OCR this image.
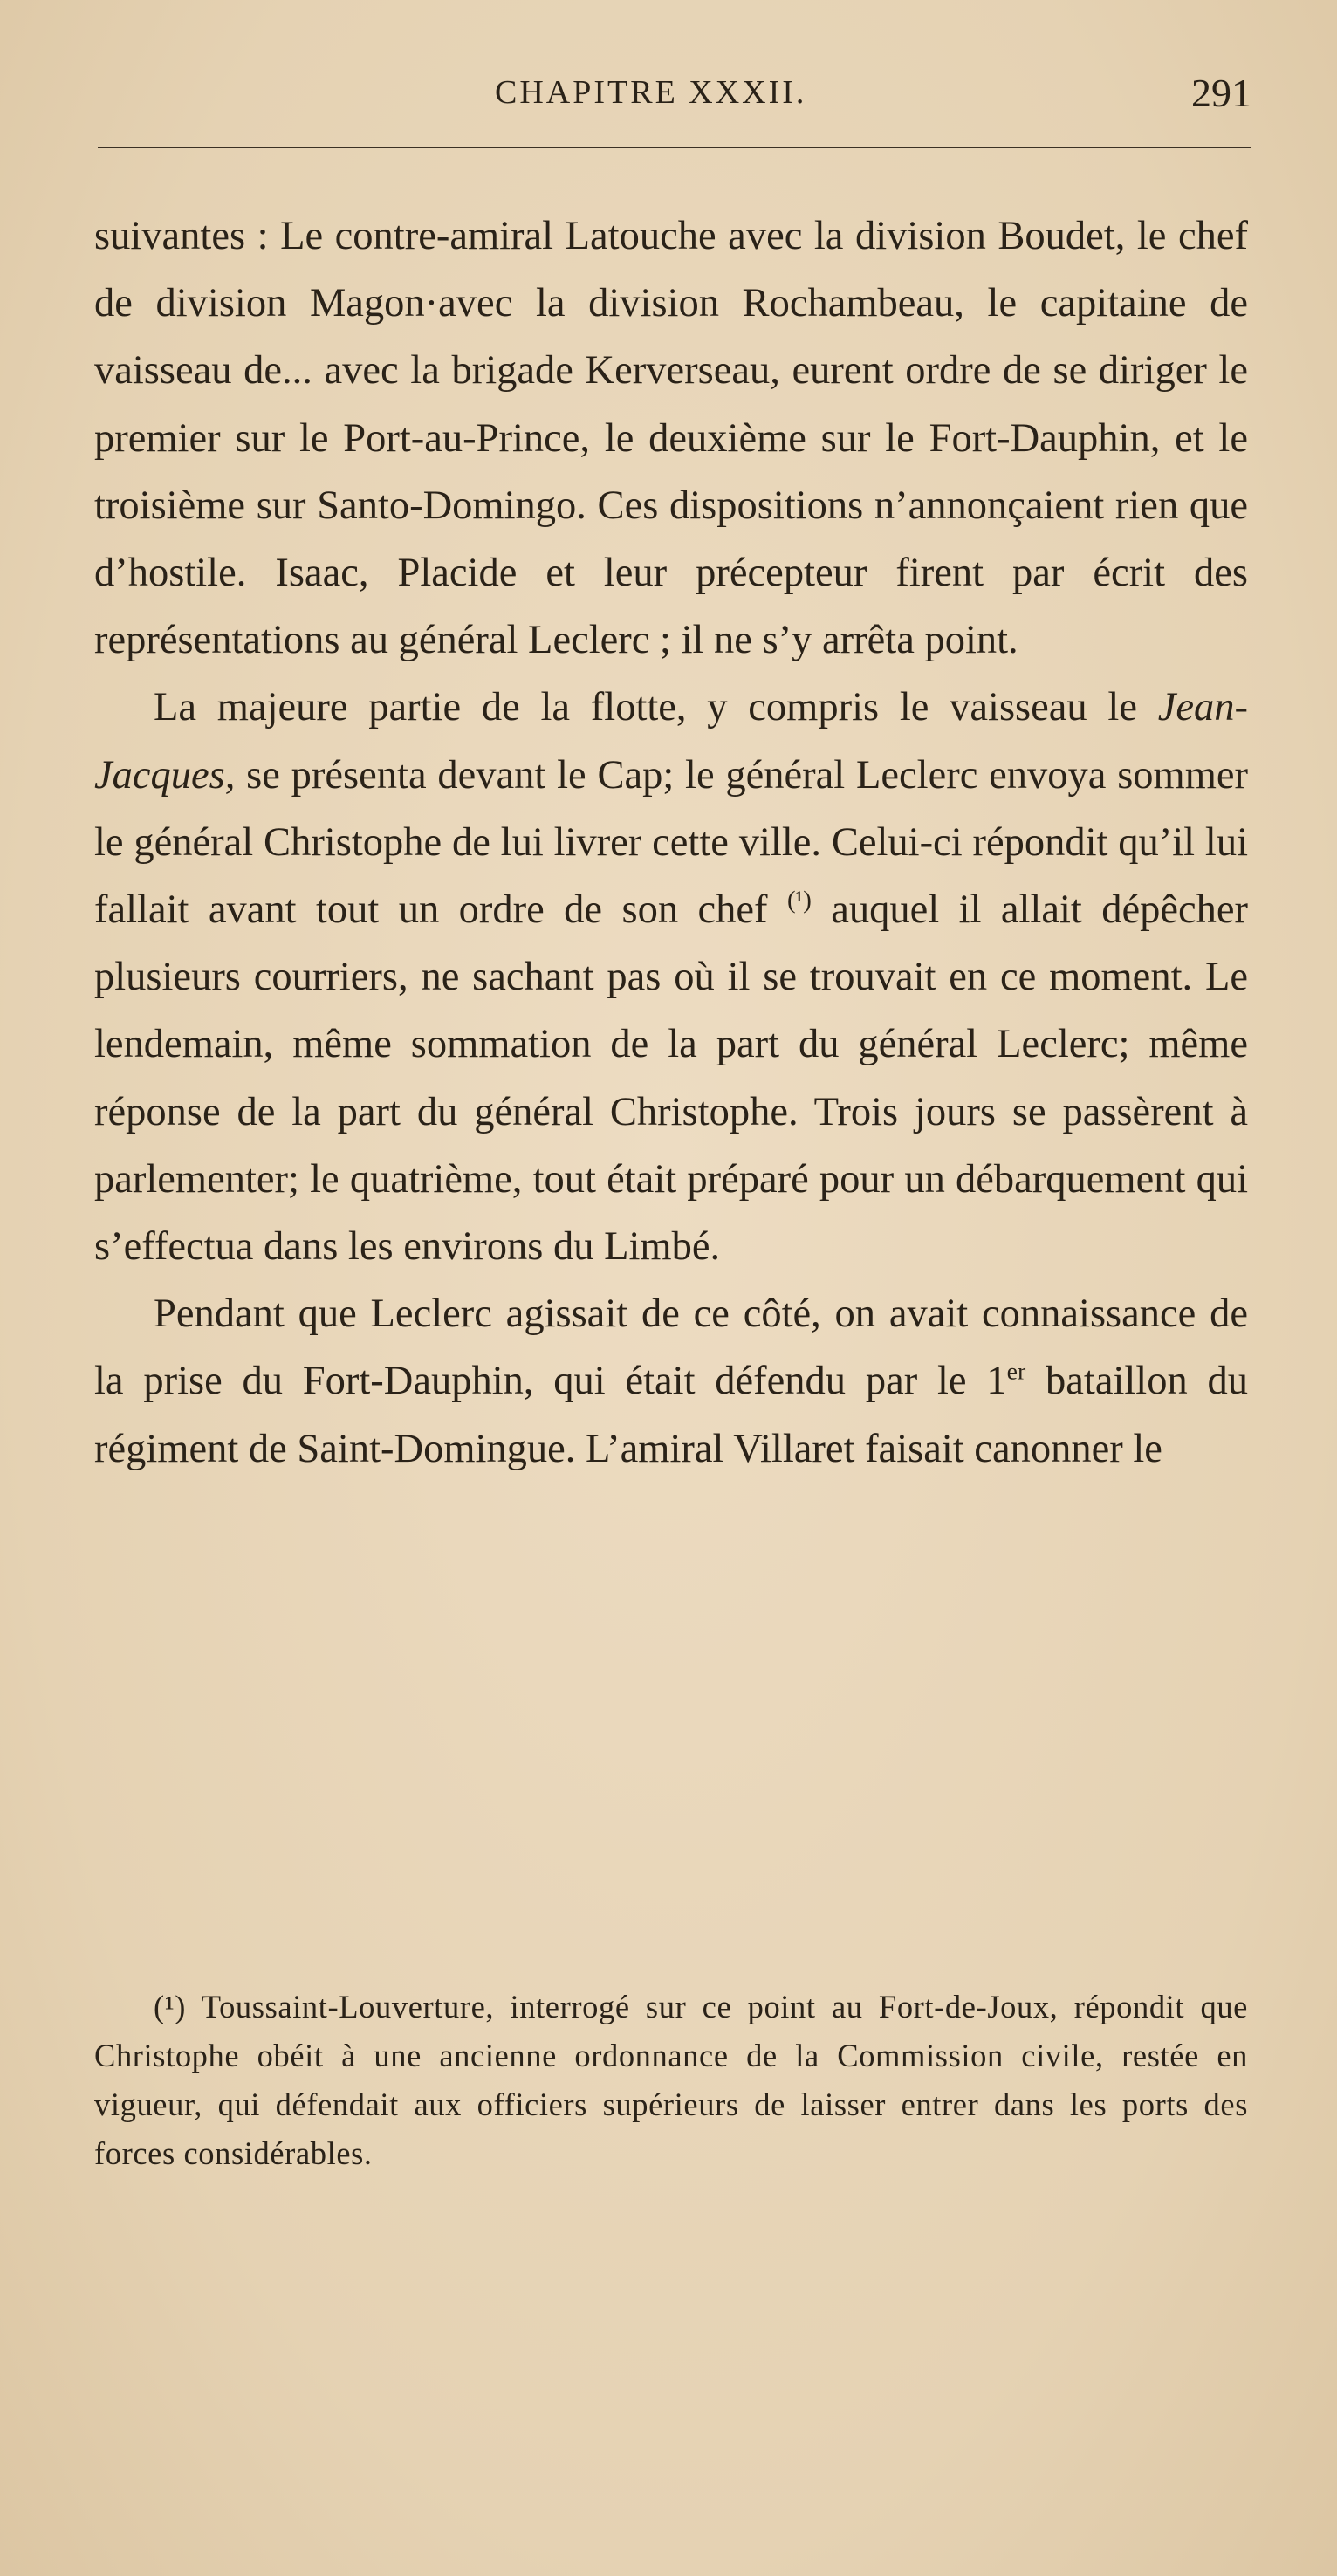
CHAPITRE XXXII.	291

suivantes : Le contre-amiral Latouche avec la division Boudet, le chef de division Magon·avec la division Rochambeau, le capitaine de vaisseau de... avec la brigade Kerverseau, eurent ordre de se diriger le premier sur le Port-au-Prince, le deuxième sur le Fort-Dauphin, et le troisième sur Santo-Domingo. Ces dispositions n’annonçaient rien que d’hostile. Isaac, Placide et leur précepteur firent par écrit des représentations au général Leclerc ; il ne s’y arrêta point.

La majeure partie de la flotte, y compris le vaisseau le Jean-Jacques, se présenta devant le Cap; le général Leclerc envoya sommer le général Christophe de lui livrer cette ville. Celui-ci répondit qu’il lui fallait avant tout un ordre de son chef $^{(^1)}$ auquel il allait dépêcher plusieurs courriers, ne sachant pas où il se trouvait en ce moment. Le lendemain, même sommation de la part du général Leclerc; même réponse de la part du général Christophe. Trois jours se passèrent à parlementer; le quatrième, tout était préparé pour un débarquement qui s’effectua dans les environs du Limbé.

Pendant que Leclerc agissait de ce côté, on avait connaissance de la prise du Fort-Dauphin, qui était défendu par le 1er bataillon du régiment de Saint-Domingue. L’amiral Villaret faisait canonner le

(¹) Toussaint-Louverture, interrogé sur ce point au Fort-de-Joux, répondit que Christophe obéit à une ancienne ordonnance de la Commission civile, restée en vigueur, qui défendait aux officiers supérieurs de laisser entrer dans les ports des forces considérables.
